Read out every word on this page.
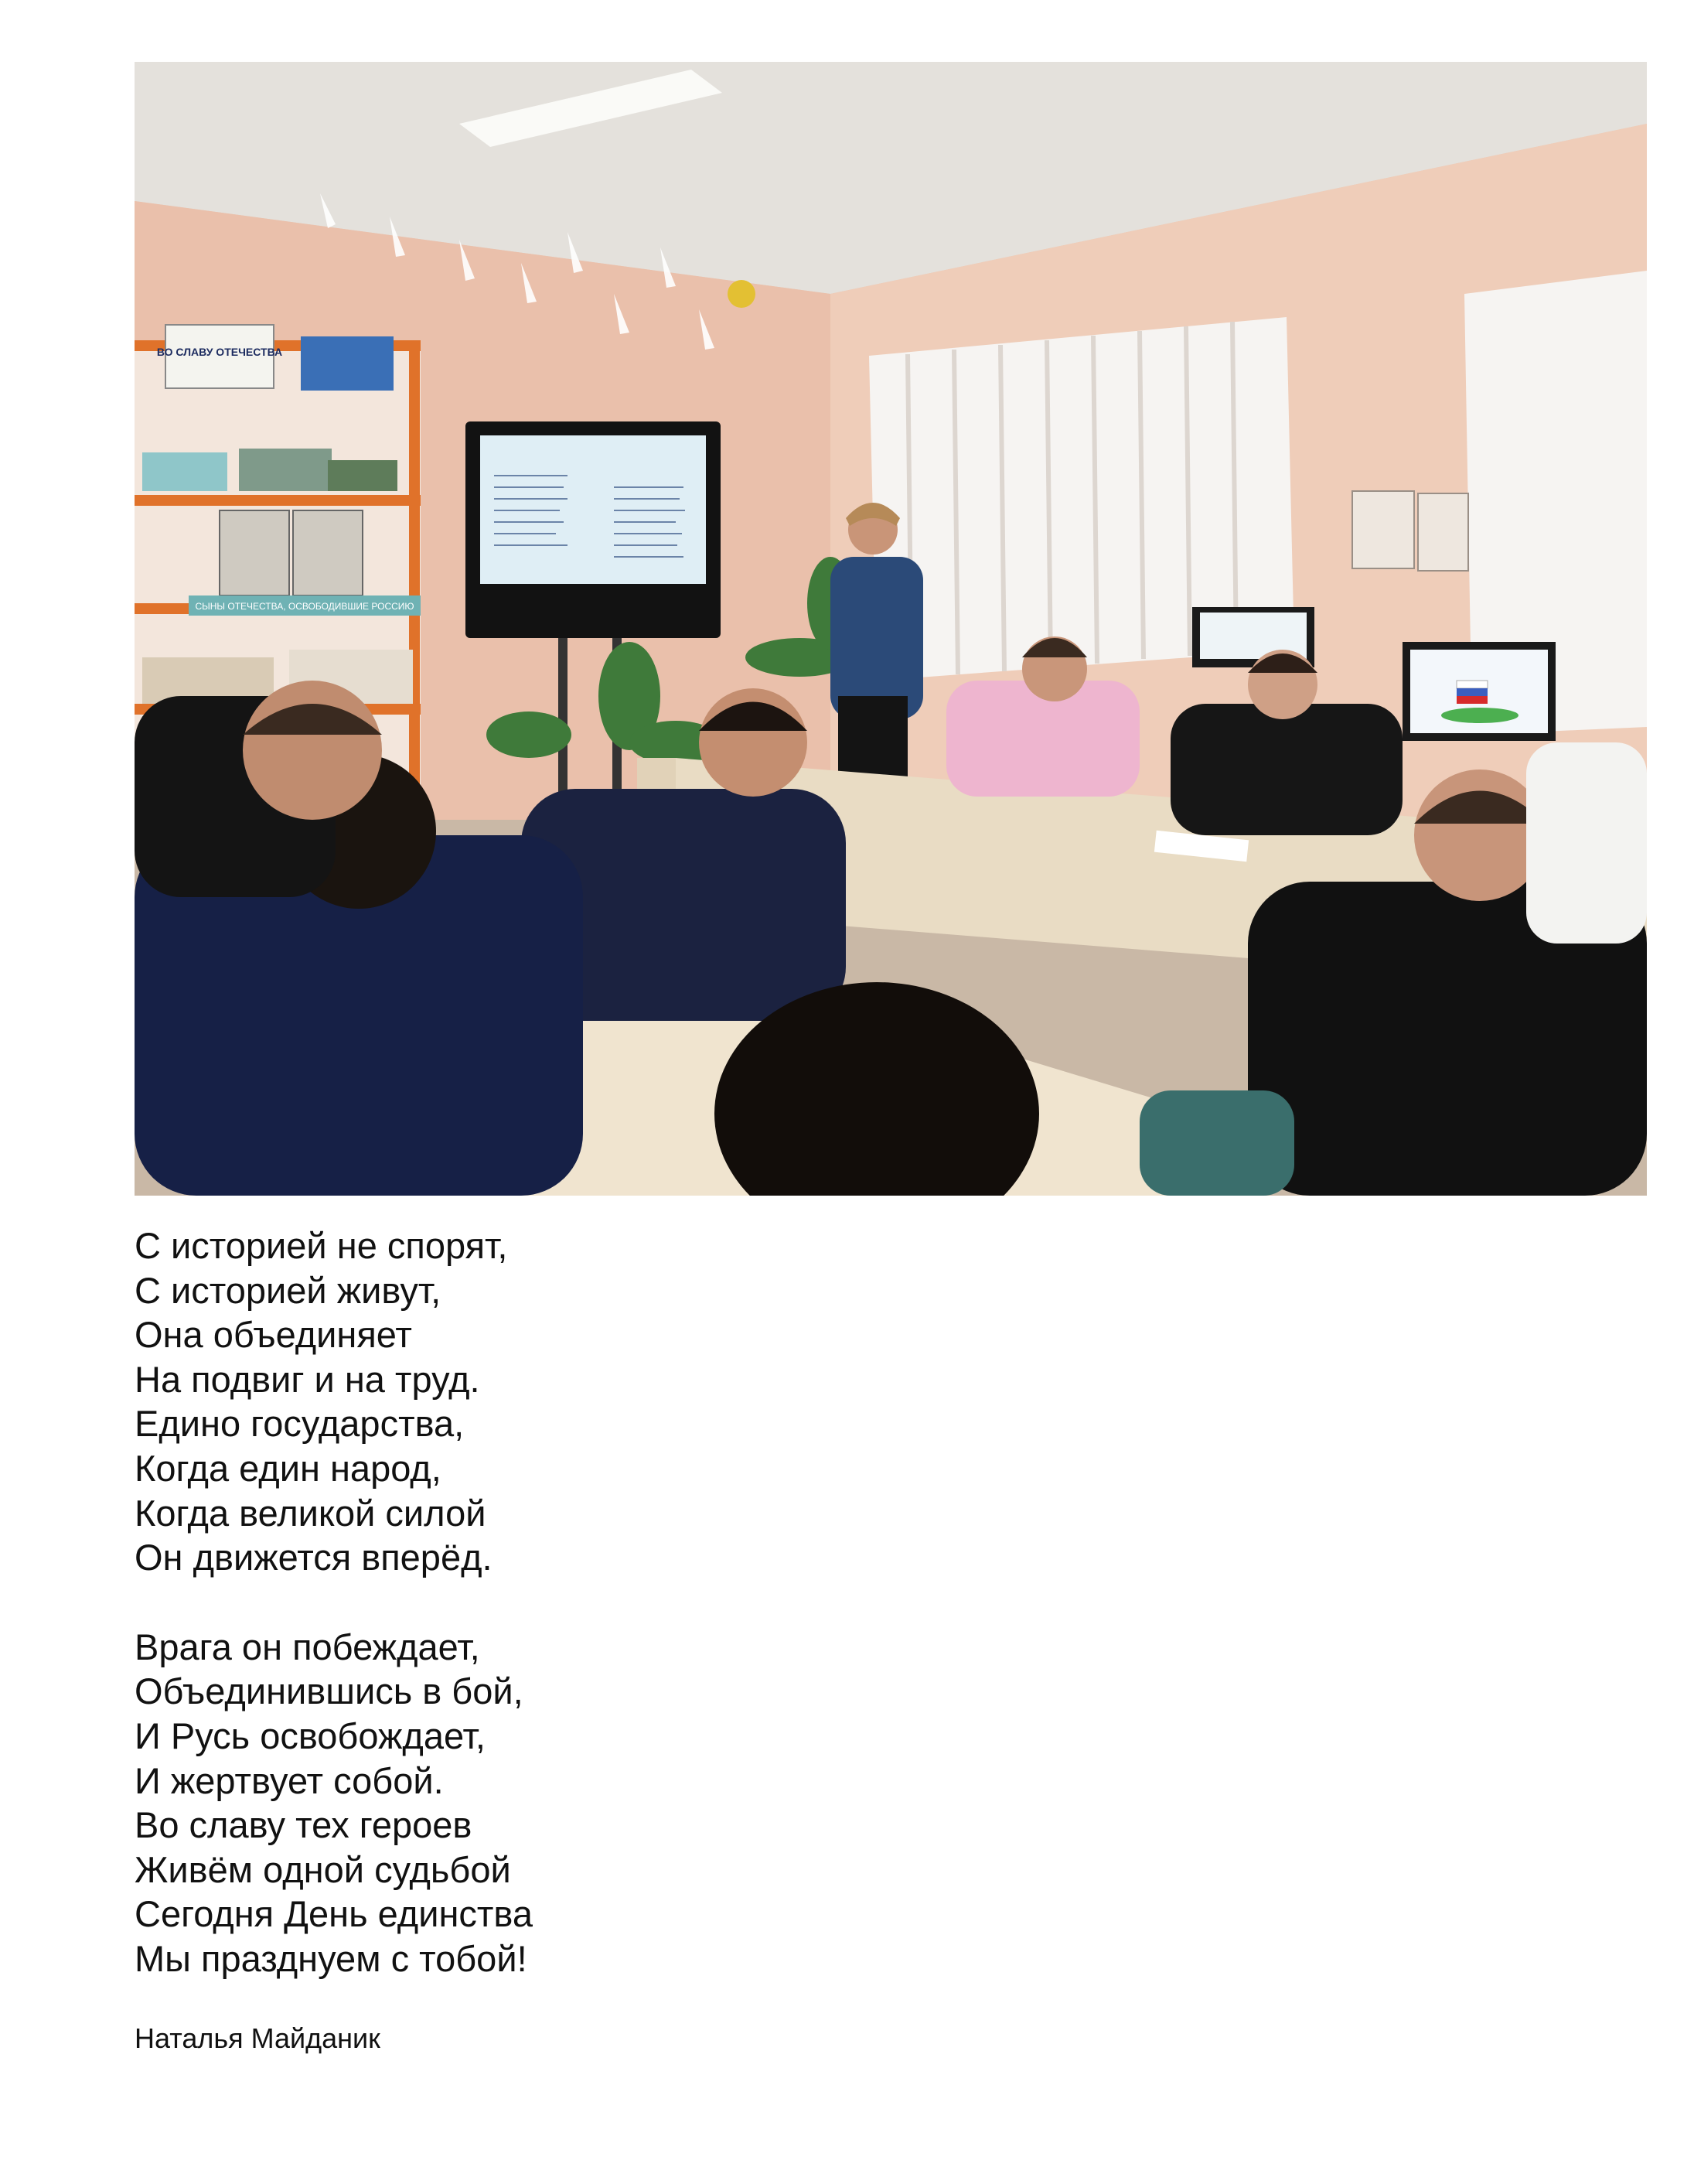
ВО СЛАВУ ОТЕЧЕСТВА
СЫНЫ ОТЕЧЕСТВА, ОСВОБОДИВШИЕ РОССИЮ
С историей не спорят,
С историей живут,
Она объединяет
На подвиг и на труд.
Едино государства,
Когда един народ,
Когда великой силой
Он движется вперёд.
Врага он побеждает,
Объединившись в бой,
И Русь освобождает,
И жертвует собой.
Во славу тех героев
Живём одной судьбой
Сегодня День единства
Мы празднуем с тобой!
Наталья Майданик
